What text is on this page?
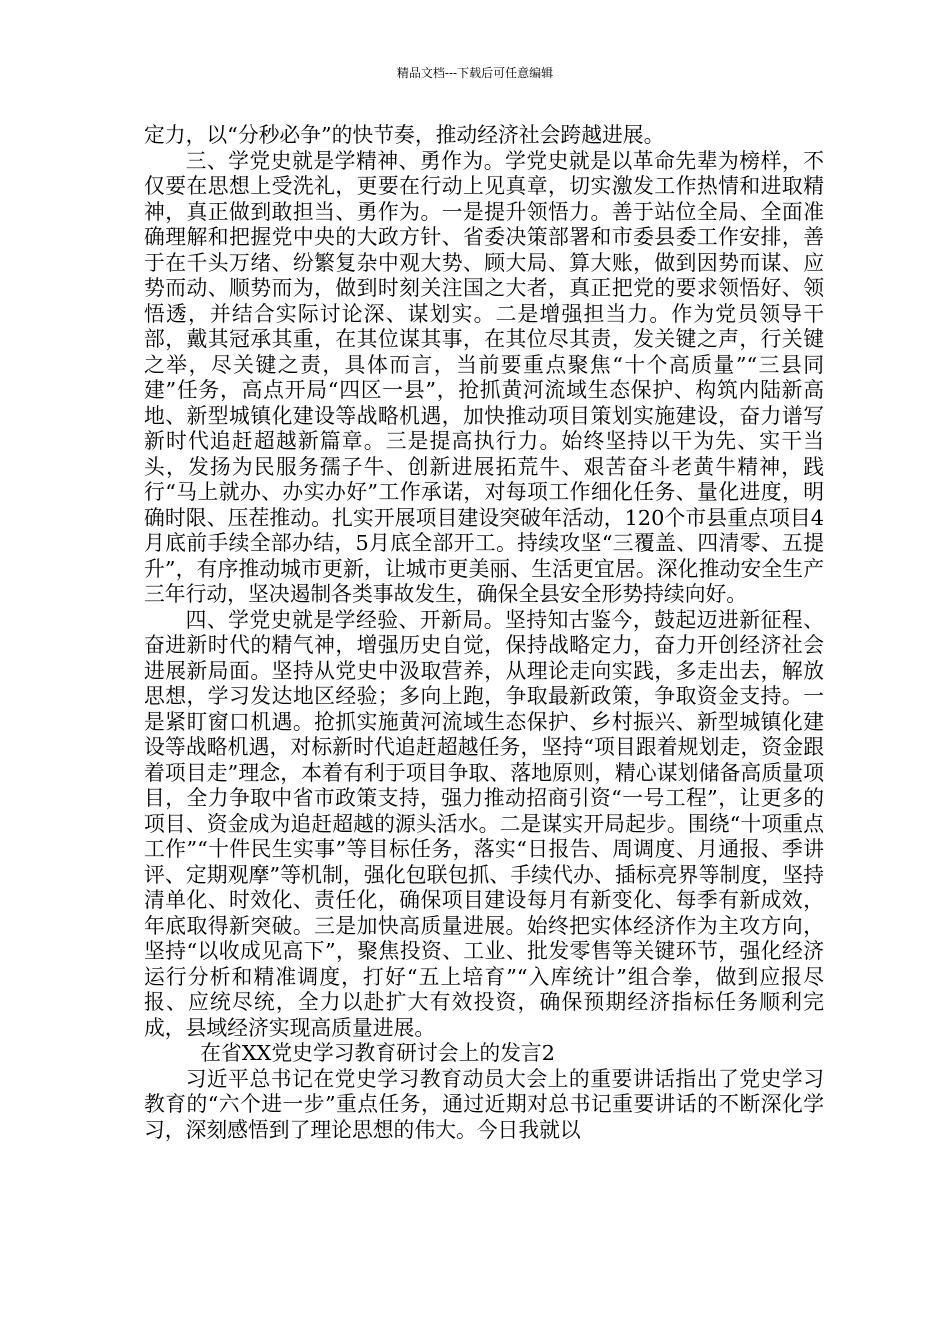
精品文档---下载后可任意编辑

定力，以“分秒必争”的快节奏，推动经济社会跨越进展。

三、学党史就是学精神、勇作为。学党史就是以革命先辈为榜样，不仅要在思想上受洗礼，更要在行动上见真章，切实激发工作热情和进取精神，真正做到敢担当、勇作为。一是提升领悟力。善于站位全局、全面准确理解和把握党中央的大政方针、省委决策部署和市委县委工作安排，善于在千头万绪、纷繁复杂中观大势、顾大局、算大账，做到因势而谋、应势而动、顺势而为，做到时刻关注国之大者，真正把党的要求领悟好、领悟透，并结合实际讨论深、谋划实。二是增强担当力。作为党员领导干部，戴其冠承其重，在其位谋其事，在其位尽其责，发关键之声，行关键之举，尽关键之责，具体而言，当前要重点聚焦“十个高质量”“三县同建”任务，高点开局“四区一县”，抢抓黄河流域生态保护、构筑内陆新高地、新型城镇化建设等战略机遇，加快推动项目策划实施建设，奋力谱写新时代追赶超越新篇章。三是提高执行力。始终坚持以干为先、实干当头，发扬为民服务孺子牛、创新进展拓荒牛、艰苦奋斗老黄牛精神，践行“马上就办、办实办好”工作承诺，对每项工作细化任务、量化进度，明确时限、压茬推动。扎实开展项目建设突破年活动，120个市县重点项目4月底前手续全部办结，5月底全部开工。持续攻坚“三覆盖、四清零、五提升”，有序推动城市更新，让城市更美丽、生活更宜居。深化推动安全生产三年行动，坚决遏制各类事故发生，确保全县安全形势持续向好。

四、学党史就是学经验、开新局。坚持知古鉴今，鼓起迈进新征程、奋进新时代的精气神，增强历史自觉，保持战略定力，奋力开创经济社会进展新局面。坚持从党史中汲取营养，从理论走向实践，多走出去，解放思想，学习发达地区经验；多向上跑，争取最新政策，争取资金支持。一是紧盯窗口机遇。抢抓实施黄河流域生态保护、乡村振兴、新型城镇化建设等战略机遇，对标新时代追赶超越任务，坚持“项目跟着规划走，资金跟着项目走”理念，本着有利于项目争取、落地原则，精心谋划储备高质量项目，全力争取中省市政策支持，强力推动招商引资“一号工程”，让更多的项目、资金成为追赶超越的源头活水。二是谋实开局起步。围绕“十项重点工作”“十件民生实事”等目标任务，落实“日报告、周调度、月通报、季讲评、定期观摩”等机制，强化包联包抓、手续代办、插标亮界等制度，坚持清单化、时效化、责任化，确保项目建设每月有新变化、每季有新成效，年底取得新突破。三是加快高质量进展。始终把实体经济作为主攻方向，坚持“以收成见高下”，聚焦投资、工业、批发零售等关键环节，强化经济运行分析和精准调度，打好“五上培育”“入库统计”组合拳，做到应报尽报、应统尽统，全力以赴扩大有效投资，确保预期经济指标任务顺利完成，县域经济实现高质量进展。

在省XX党史学习教育研讨会上的发言2

习近平总书记在党史学习教育动员大会上的重要讲话指出了党史学习教育的“六个进一步”重点任务，通过近期对总书记重要讲话的不断深化学习，深刻感悟到了理论思想的伟大。今日我就以
